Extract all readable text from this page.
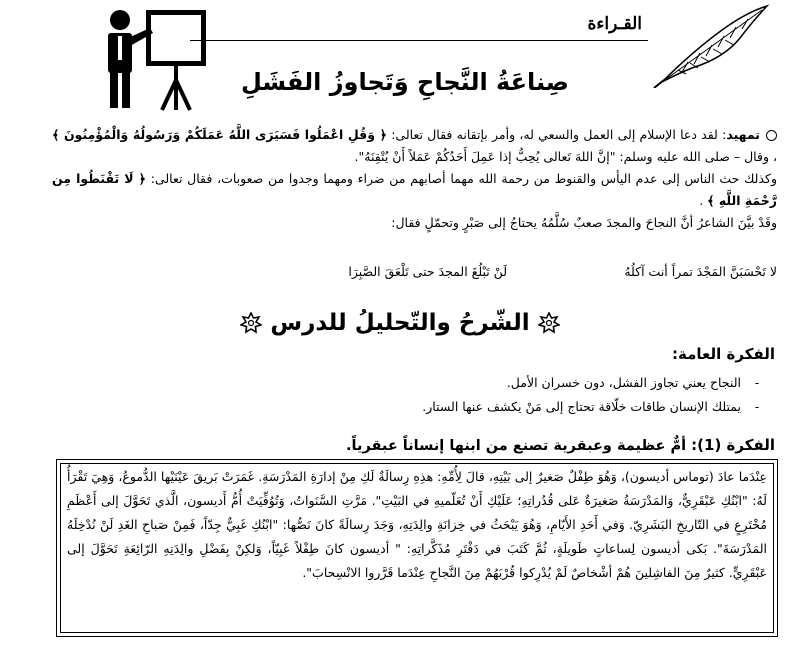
القـراءة
صِناعَةُ النَّجاحِ وَتَجاوزُ الفَشَلِ
تمهيد: لقد دعا الإسلام إلى العمل والسعي له، وأمر بإتقانه فقال تعالى: ﴿ وَقُلِ اعْمَلُوا فَسَيَرَى اللَّهُ عَمَلَكُمْ وَرَسُولُهُ وَالْمُؤْمِنُونَ ﴾ ، وقال – صلى الله عليه وسلم: "إنَّ اللهَ تَعالى يُحِبُّ إذا عَمِلَ أَحَدُكُمْ عَمَلاً أَنْ يُتْقِنَهُ".
وكذلك حث الناس إلى عدم اليأس والقنوط من رحمة الله مهما أصابهم من ضراء ومهما وجدوا من صعوبات، فقال تعالى: ﴿ لَا تَقْنَطُوا مِن رَّحْمَةِ اللَّهِ ﴾ .
وقَدْ بيَّنَ الشاعرُ أنَّ النجاحَ والمجدَ صعبٌ سُلَّمُهُ يحتاجُ إلى صَبْرٍ وتحمّلٍ فقال:
لا تَحْسَبَنَّ المَجْدَ تمراً أنت آكلُهُ
لَنْ تَبْلُغَ المجدَ حتى تَلْعَقَ الصَّبِرَا
الشّرحُ والتّحليلُ للدرس
الفكرة العامة:
-النجاح يعني تجاوز الفشل، دون خسران الأمل.
-يمتلك الإنسان طاقات خلّاقة تحتاج إلى مَنْ يكشف عنها الستار.
الفكرة (1): أمٌّ عظيمة وعبقرية تصنع من ابنها إنساناً عبقرياً.
عِنْدَما عادَ (توماس أديسون)، وَهُوَ طِفْلٌ صَغيرٌ إلى بَيْتِهِ، قالَ لِأُمِّهِ: هذِهِ رِسالَةٌ لَكِ مِنْ إدارَةِ المَدْرَسَةِ. غَمَرَتْ بَريقَ عَيْنَيْها الدُّموعُ، وَهِيَ تَقْرَأُ لَهُ: "ابْنُكِ عَبْقَرِيٌّ، وَالمَدْرَسَةُ صَغيرَةٌ عَلى قُدُراتِهِ؛ عَلَيْكِ أَنْ تُعَلّميهِ في البَيْتِ". مَرَّتِ السَّنَواتُ، وَتُوُفِّيَتْ أُمُّ أَديسون، الَّذي تَحَوَّلَ إلى أَعْظَمِ مُخْتَرِعٍ في التّاريخِ البَشَرِيّ. وَفي أَحَدِ الأَيّامِ، وَهُوَ يَبْحَثُ في خِزانَةِ والِدَتِهِ، وَجَدَ رِسالَةً كانَ نَصُّها: "ابْنُكِ غَبِيٌّ جِدّاً، فَمِنْ صَباحِ الغَدِ لَنْ نُدْخِلَهُ المَدْرَسَةَ". بَكى أديسون لِساعاتٍ طَويلَةٍ، ثُمَّ كَتَبَ في دَفْتَرِ مُذَكَّراتِهِ: " أديسون كانَ طِفْلاً غَبِيّاً، وَلكِنْ بِفَضْلِ والِدَتِهِ الرّائِعَةِ تَحَوَّلَ إلى عَبْقَرِيٍّ. كثيرٌ مِنَ الفاشِلينَ هُمْ أشْخاصٌ لَمْ يُدْرِكوا قُرْبَهُمْ مِنَ النَّجاحِ عِنْدَما قَرَّروا الانْسِحابَ".
